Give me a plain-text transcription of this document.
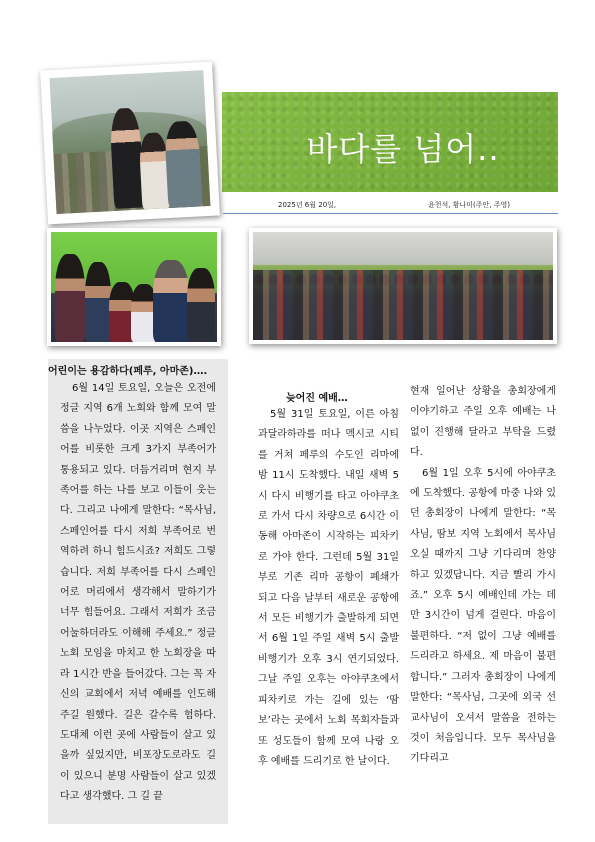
바다를 넘어..
2025년 6월 20일,	윤천석, 황나미(주안, 주영)
어린이는 용감하다(페루, 아마존)….

6월 14일 토요일, 오늘은 오전에 정글 지역 6개 노회와 함께 모여 말씀을 나누었다. 이곳 지역은 스페인어를 비롯한 크게 3가지 부족어가 통용되고 있다. 더듬거리며 현지 부족어를 하는 나를 보고 이들이 웃는다. 그리고 나에게 말한다: “목사님, 스페인어를 다시 저희 부족어로 번역하려 하니 힘드시죠? 저희도 그렇습니다. 저희 부족어를 다시 스페인어로 머리에서 생각해서 말하기가 너무 힘들어요. 그래서 저희가 조금 어눌하더라도 이해해 주세요.” 정글 노회 모임을 마치고 한 노회장을 따라 1시간 반을 들어갔다. 그는 꼭 자신의 교회에서 저녁 예배를 인도해 주길 원했다. 길은 갈수록 험하다. 도대체 이런 곳에 사람들이 살고 있을까 싶었지만, 비포장도로라도 길이 있으니 분명 사람들이 살고 있겠다고 생각했다. 그 길 끝

늦어진 예배…

5월 31일 토요일, 이른 아침 과달라하라를 떠나 멕시코 시티를 거쳐 페루의 수도인 리마에 밤 11시 도착했다. 내일 새벽 5시 다시 비행기를 타고 아야쿠초로 가서 다시 차량으로 6시간 이동해 아마존이 시작하는 피차키로 가야 한다. 그런데 5월 31일부로 기존 리마 공항이 폐쇄가 되고 다음 날부터 새로운 공항에서 모든 비행기가 출발하게 되면서 6월 1일 주일 새벽 5시 출발 비행기가 오후 3시 연기되었다. 그날 주일 오후는 아야쿠초에서 피차키로 가는 길에 있는 ‘땀보’라는 곳에서 노회 목회자들과 또 성도들이 함께 모여 나랑 오후 예배를 드리기로 한 날이다.

현재 일어난 상황을 총회장에게 이야기하고 주일 오후 예배는 나 없이 진행해 달라고 부탁을 드렸다.

6월 1일 오후 5시에 아야쿠초에 도착했다. 공항에 마중 나와 있던 총회장이 나에게 말한다: “목사님, 땀보 지역 노회에서 목사님 오실 때까지 그냥 기다리며 찬양하고 있겠답니다. 지금 빨리 가시죠.” 오후 5시 예배인데 가는 데만 3시간이 넘게 걸린다. 마음이 불편하다. “저 없이 그냥 예배를 드리라고 하세요. 제 마음이 불편합니다.” 그러자 총회장이 나에게 말한다: “목사님, 그곳에 외국 선교사님이 오셔서 말씀을 전하는 것이 처음입니다. 모두 목사님을 기다리고
